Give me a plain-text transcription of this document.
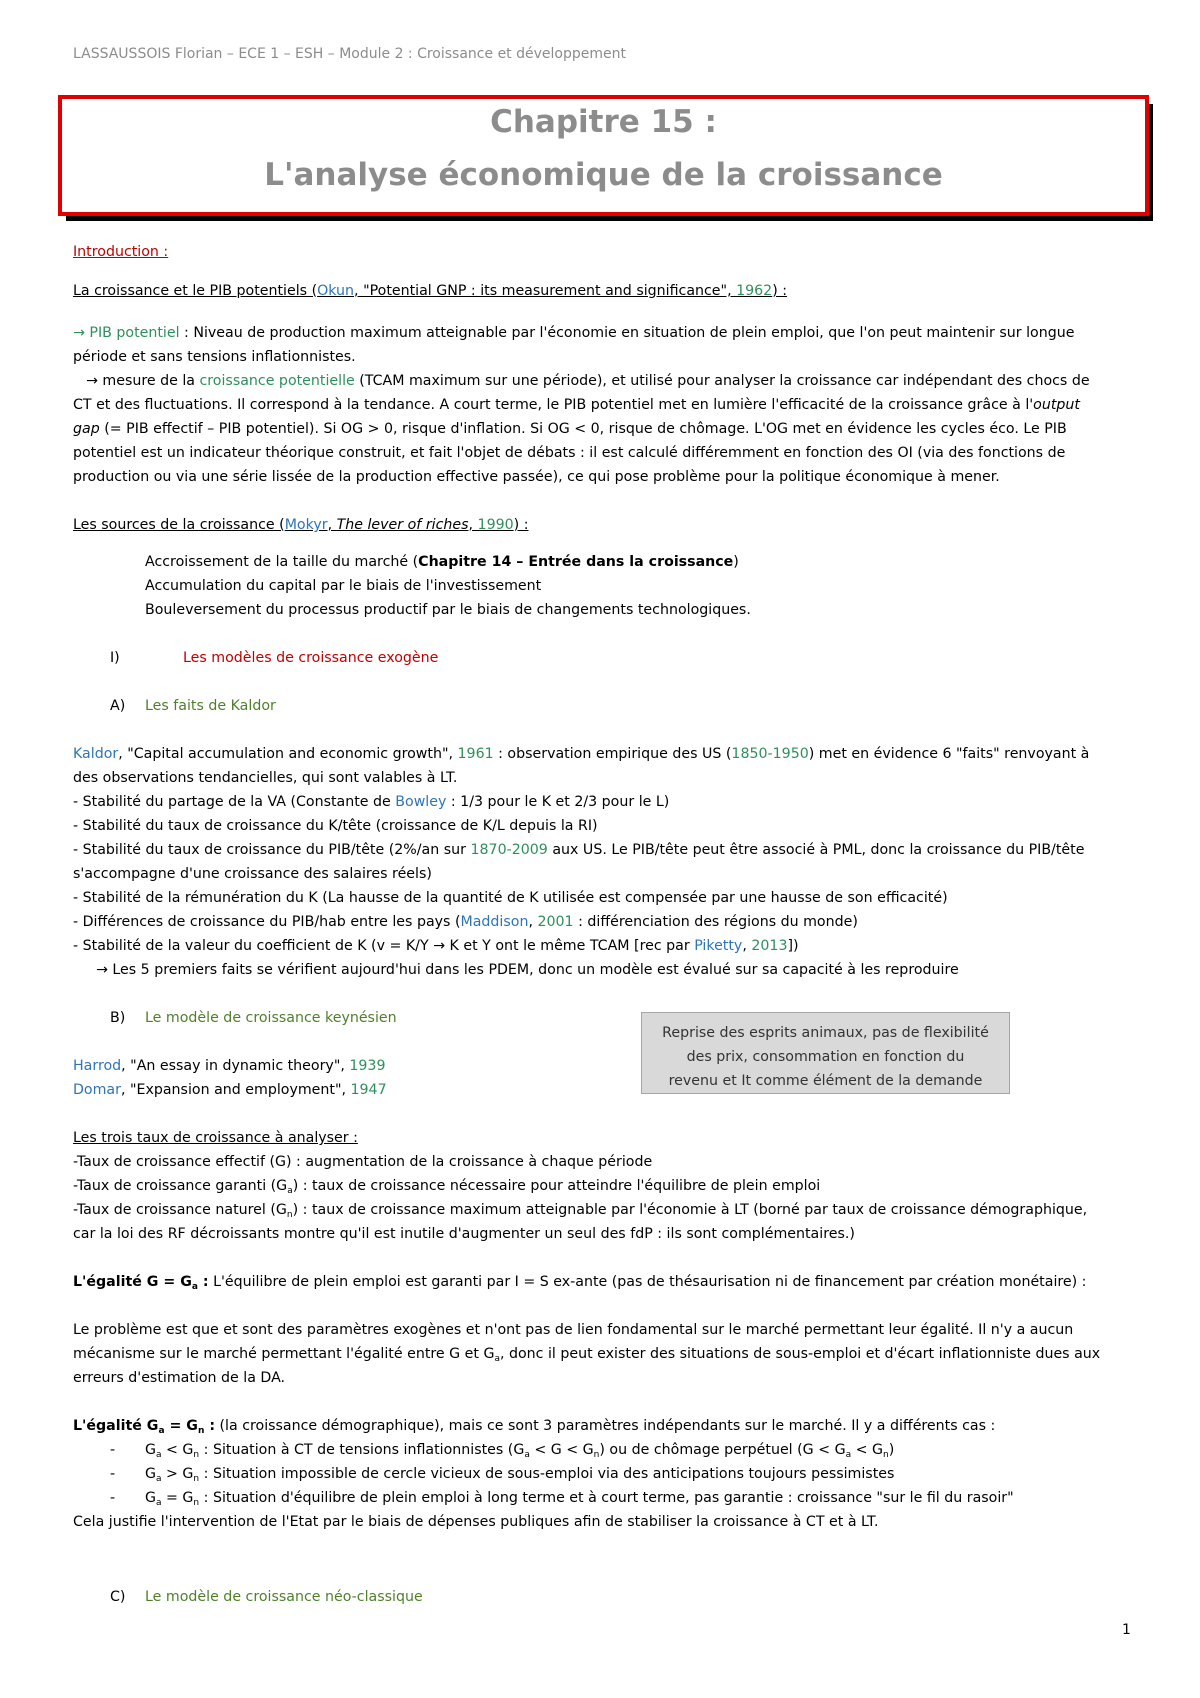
LASSAUSSOIS Florian – ECE 1 – ESH – Module 2 : Croissance et développement
Chapitre 15 :
L'analyse économique de la croissance
Introduction :
La croissance et le PIB potentiels (Okun, "Potential GNP : its measurement and significance", 1962) :
→ PIB potentiel : Niveau de production maximum atteignable par l'économie en situation de plein emploi, que l'on peut maintenir sur longue
période et sans tensions inflationnistes.
→ mesure de la croissance potentielle (TCAM maximum sur une période), et utilisé pour analyser la croissance car indépendant des chocs de
CT et des fluctuations. Il correspond à la tendance. A court terme, le PIB potentiel met en lumière l'efficacité de la croissance grâce à l'output
gap (= PIB effectif – PIB potentiel). Si OG > 0, risque d'inflation. Si OG < 0, risque de chômage. L'OG met en évidence les cycles éco. Le PIB
potentiel est un indicateur théorique construit, et fait l'objet de débats : il est calculé différemment en fonction des OI (via des fonctions de
production ou via une série lissée de la production effective passée), ce qui pose problème pour la politique économique à mener.
Les sources de la croissance (Mokyr, The lever of riches, 1990) :
Accroissement de la taille du marché (Chapitre 14 – Entrée dans la croissance)
Accumulation du capital par le biais de l'investissement
Bouleversement du processus productif par le biais de changements technologiques.
I)	Les modèles de croissance exogène
A) Les faits de Kaldor
Kaldor, "Capital accumulation and economic growth", 1961 : observation empirique des US (1850-1950) met en évidence 6 "faits" renvoyant à
des observations tendancielles, qui sont valables à LT.
- Stabilité du partage de la VA (Constante de Bowley : 1/3 pour le K et 2/3 pour le L)
- Stabilité du taux de croissance du K/tête (croissance de K/L depuis la RI)
- Stabilité du taux de croissance du PIB/tête (2%/an sur 1870-2009 aux US. Le PIB/tête peut être associé à PML, donc la croissance du PIB/tête
s'accompagne d'une croissance des salaires réels)
- Stabilité de la rémunération du K (La hausse de la quantité de K utilisée est compensée par une hausse de son efficacité)
- Différences de croissance du PIB/hab entre les pays (Maddison, 2001 : différenciation des régions du monde)
- Stabilité de la valeur du coefficient de K (v = K/Y → K et Y ont le même TCAM [rec par Piketty, 2013])
→ Les 5 premiers faits se vérifient aujourd'hui dans les PDEM, donc un modèle est évalué sur sa capacité à les reproduire
B) Le modèle de croissance keynésien
Reprise des esprits animaux, pas de flexibilité
des prix, consommation en fonction du
revenu et It comme élément de la demande
Harrod, "An essay in dynamic theory", 1939
Domar, "Expansion and employment", 1947
Les trois taux de croissance à analyser :
-Taux de croissance effectif (G) : augmentation de la croissance à chaque période
-Taux de croissance garanti $(G_a)$ : taux de croissance nécessaire pour atteindre l'équilibre de plein emploi
-Taux de croissance naturel $(G_n)$ : taux de croissance maximum atteignable par l'économie à LT (borné par taux de croissance démographique,
car la loi des RF décroissants montre qu'il est inutile d'augmenter un seul des fdP : ils sont complémentaires.)
L'égalité $G = G_a$ : L'équilibre de plein emploi est garanti par I = S ex-ante (pas de thésaurisation ni de financement par création monétaire) :
Le problème est que et sont des paramètres exogènes et n'ont pas de lien fondamental sur le marché permettant leur égalité. Il n'y a aucun
mécanisme sur le marché permettant l'égalité entre G et $G_a$, donc il peut exister des situations de sous-emploi et d'écart inflationniste dues aux
erreurs d'estimation de la DA.
L'égalité $G_a = G_n$ : (la croissance démographique), mais ce sont 3 paramètres indépendants sur le marché. Il y a différents cas :
- $G_a < G_n$ : Situation à CT de tensions inflationnistes $(G_a < G < G_n)$ ou de chômage perpétuel $(G < G_a < G_n)$
- $G_a > G_n$ : Situation impossible de cercle vicieux de sous-emploi via des anticipations toujours pessimistes
- $G_a = G_n$ : Situation d'équilibre de plein emploi à long terme et à court terme, pas garantie : croissance "sur le fil du rasoir"
Cela justifie l'intervention de l'Etat par le biais de dépenses publiques afin de stabiliser la croissance à CT et à LT.
C) Le modèle de croissance néo-classique
1
